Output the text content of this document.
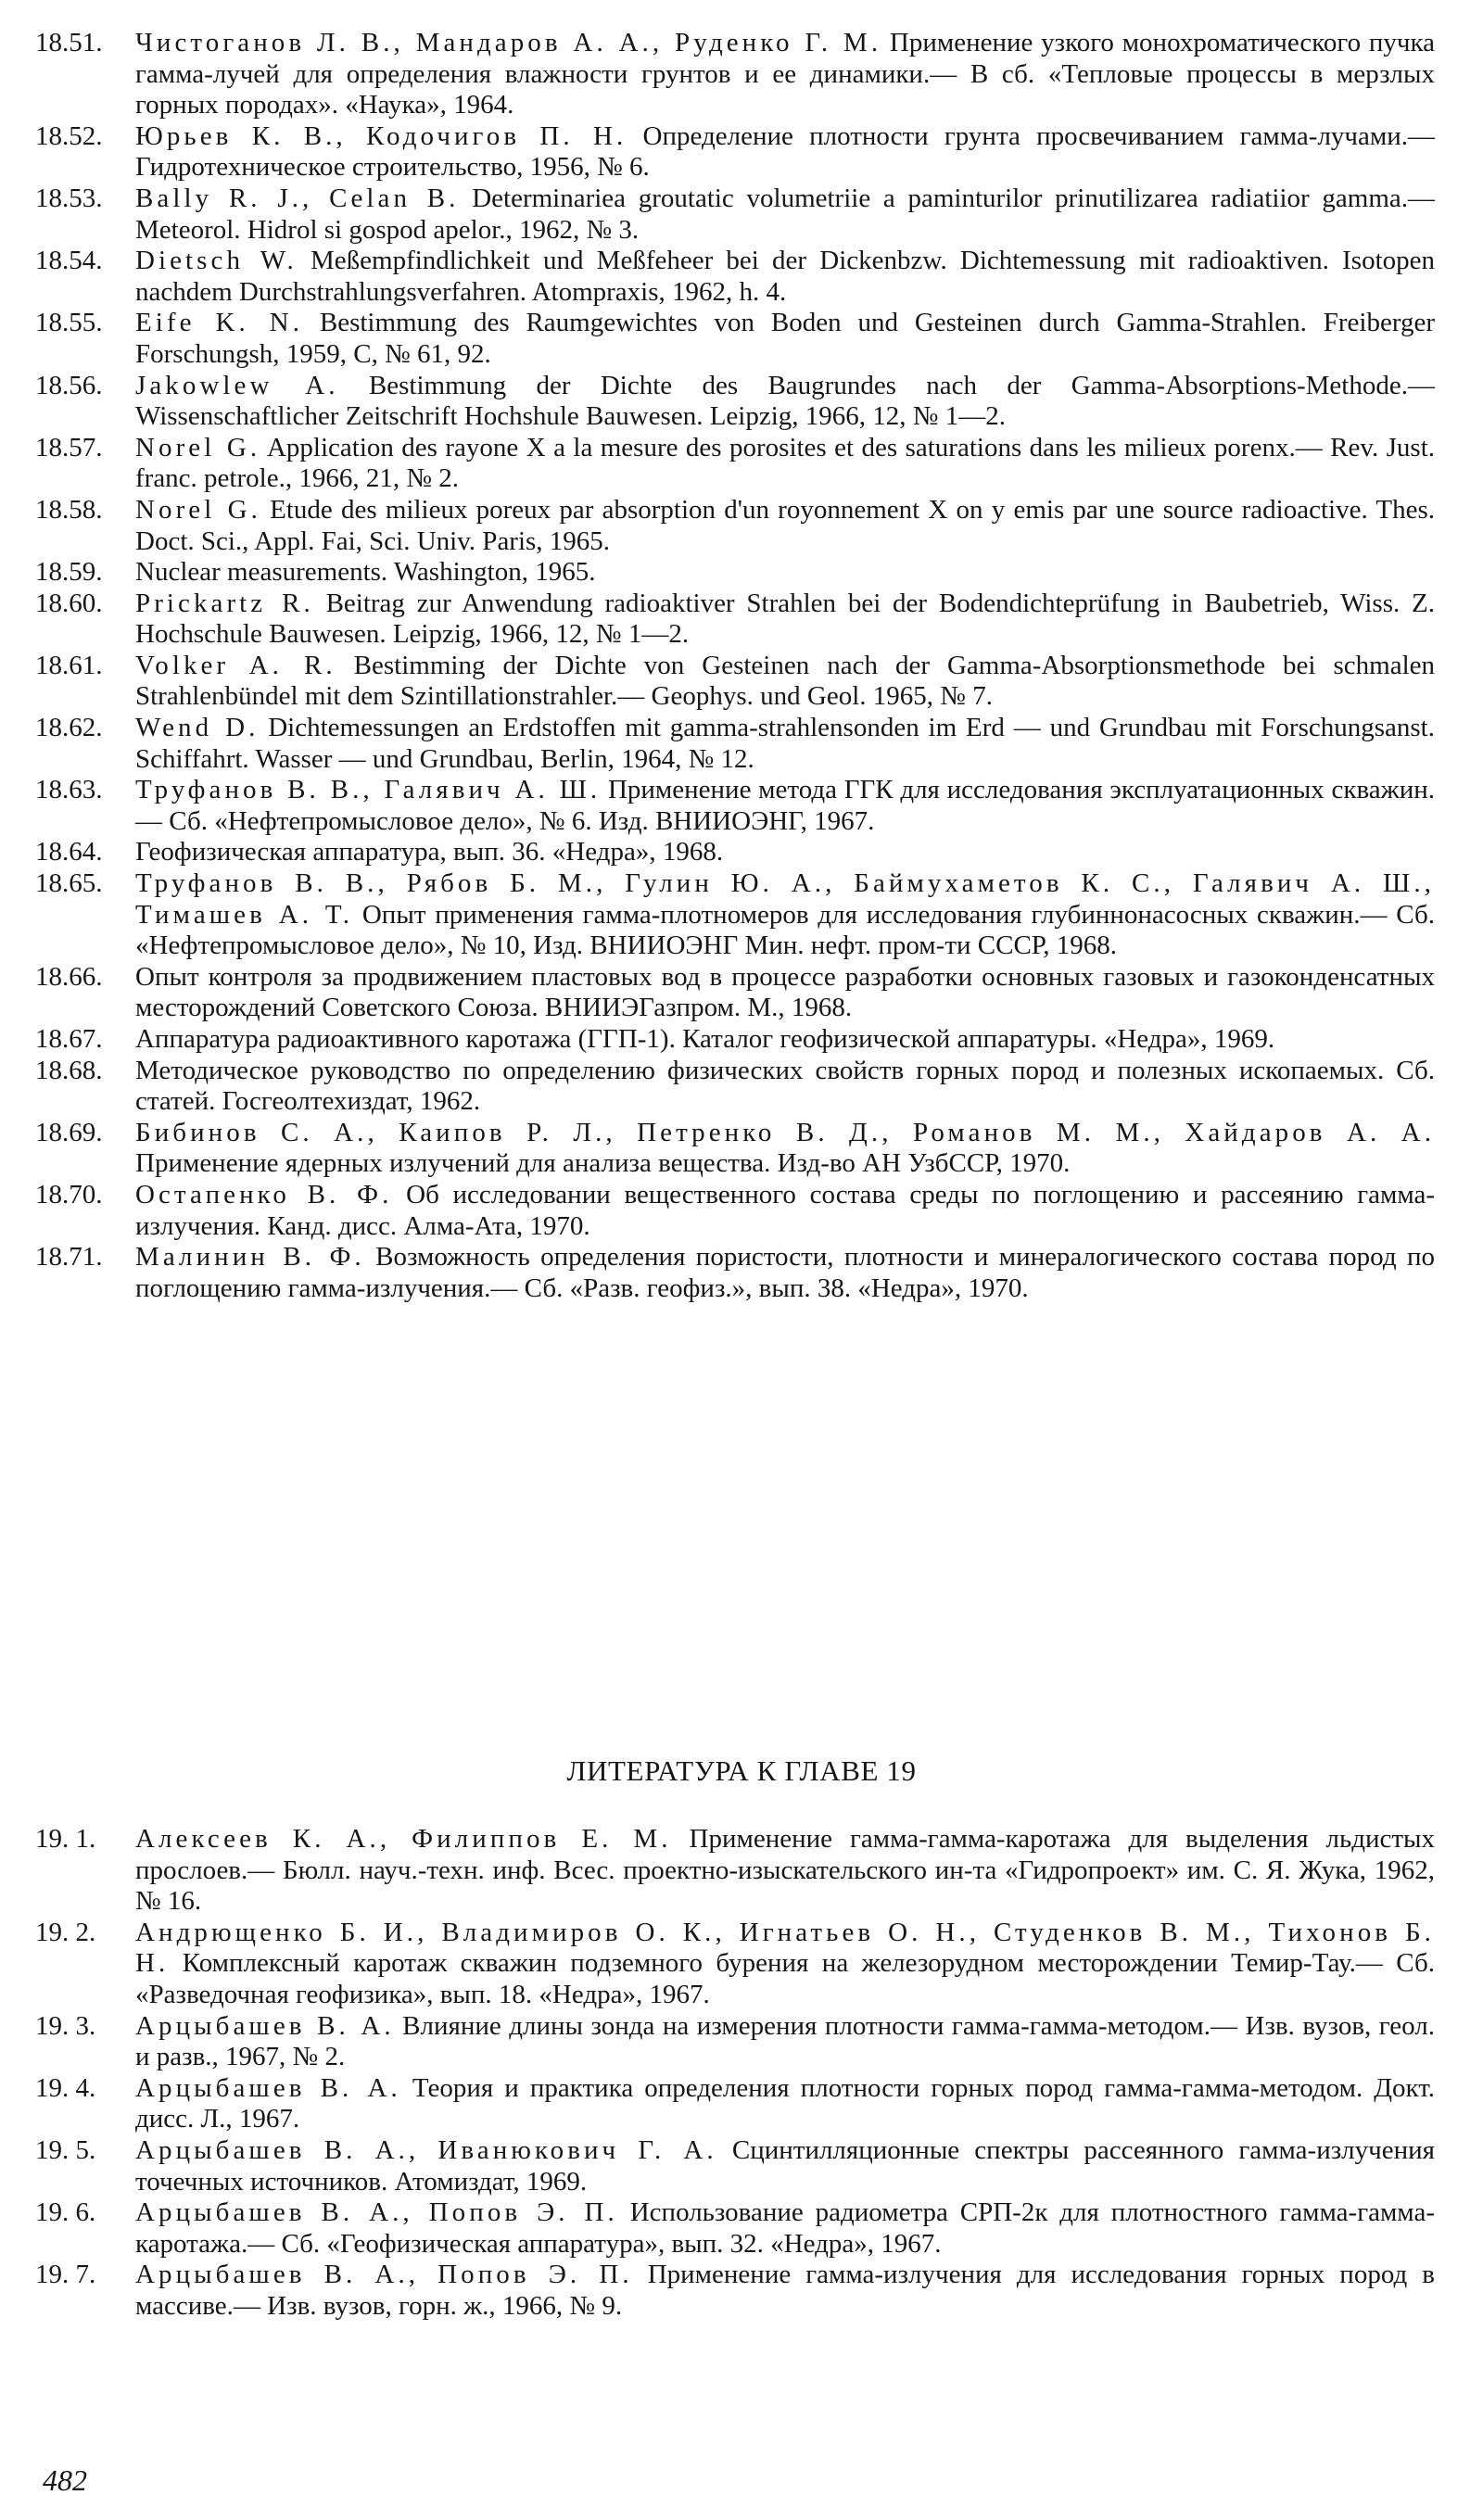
18.51.	Чистоганов Л. В., Мандаров А. А., Руденко Г. М. Применение узкого монохроматического пучка гамма-лучей для определения влажности грунтов и ее динамики.— В сб. «Тепловые процессы в мерзлых горных породах». «Наука», 1964.
18.52.	Юрьев К. В., Кодочигов П. Н. Определение плотности грунта просвечиванием гамма-лучами.— Гидротехническое строительство, 1956, № 6.
18.53.	Bally R. J., Celan B. Determinariea groutatic volumetriie a paminturilor prinutilizarea radiatiior gamma.— Meteorol. Hidrol si gospod apelor., 1962, № 3.
18.54.	Dietsch W. Meßempfindlichkeit und Meßfeheer bei der Dickenbzw. Dichtemessung mit radioaktiven. Isotopen nachdem Durchstrahlungsverfahren. Atompraxis, 1962, h. 4.
18.55.	Eife K. N. Bestimmung des Raumgewichtes von Boden und Gesteinen durch Gamma-Strahlen. Freiberger Forschungsh, 1959, C, № 61, 92.
18.56.	Jakowlew A. Bestimmung der Dichte des Baugrundes nach der Gamma-Absorptions-Methode.— Wissenschaftlicher Zeitschrift Hochshule Bauwesen. Leipzig, 1966, 12, № 1—2.
18.57.	Norel G. Application des rayone X a la mesure des porosites et des saturations dans les milieux porenx.— Rev. Just. franc. petrole., 1966, 21, № 2.
18.58.	Norel G. Etude des milieux poreux par absorption d'un royonnement X on y emis par une source radioactive. Thes. Doct. Sci., Appl. Fai, Sci. Univ. Paris, 1965.
18.59.	Nuclear measurements. Washington, 1965.
18.60.	Prickartz R. Beitrag zur Anwendung radioaktiver Strahlen bei der Bodendichteprüfung in Baubetrieb, Wiss. Z. Hochschule Bauwesen. Leipzig, 1966, 12, № 1—2.
18.61.	Volker A. R. Bestimming der Dichte von Gesteinen nach der Gamma-Absorptionsmethode bei schmalen Strahlenbündel mit dem Szintillationstrahler.— Geophys. und Geol. 1965, № 7.
18.62.	Wend D. Dichtemessungen an Erdstoffen mit gamma-strahlensonden im Erd — und Grundbau mit Forschungsanst. Schiffahrt. Wasser — und Grundbau, Berlin, 1964, № 12.
18.63.	Труфанов В. В., Галявич А. Ш. Применение метода ГГК для исследования эксплуатационных скважин.— Сб. «Нефтепромысловое дело», № 6. Изд. ВНИИОЭНГ, 1967.
18.64.	Геофизическая аппаратура, вып. 36. «Недра», 1968.
18.65.	Труфанов В. В., Рябов Б. М., Гулин Ю. А., Баймухаметов К. С., Галявич А. Ш., Тимашев А. Т. Опыт применения гамма-плотномеров для исследования глубиннонасосных скважин.— Сб. «Нефтепромысловое дело», № 10, Изд. ВНИИОЭНГ Мин. нефт. пром-ти СССР, 1968.
18.66.	Опыт контроля за продвижением пластовых вод в процессе разработки основных газовых и газоконденсатных месторождений Советского Союза. ВНИИЭГазпром. М., 1968.
18.67.	Аппаратура радиоактивного каротажа (ГГП-1). Каталог геофизической аппаратуры. «Недра», 1969.
18.68.	Методическое руководство по определению физических свойств горных пород и полезных ископаемых. Сб. статей. Госгеолтехиздат, 1962.
18.69.	Бибинов С. А., Каипов Р. Л., Петренко В. Д., Романов М. М., Хайдаров А. А. Применение ядерных излучений для анализа вещества. Изд-во АН УзбССР, 1970.
18.70.	Остапенко В. Ф. Об исследовании вещественного состава среды по поглощению и рассеянию гамма-излучения. Канд. дисс. Алма-Ата, 1970.
18.71.	Малинин В. Ф. Возможность определения пористости, плотности и минералогического состава пород по поглощению гамма-излучения.— Сб. «Разв. геофиз.», вып. 38. «Недра», 1970.
ЛИТЕРАТУРА К ГЛАВЕ 19
19. 1.	Алексеев К. А., Филиппов Е. М. Применение гамма-гамма-каротажа для выделения льдистых прослоев.— Бюлл. науч.-техн. инф. Всес. проектно-изыскательского ин-та «Гидропроект» им. С. Я. Жука, 1962, № 16.
19. 2.	Андрющенко Б. И., Владимиров О. К., Игнатьев О. Н., Студенков В. М., Тихонов Б. Н. Комплексный каротаж скважин подземного бурения на железорудном месторождении Темир-Тау.— Сб. «Разведочная геофизика», вып. 18. «Недра», 1967.
19. 3.	Арцыбашев В. А. Влияние длины зонда на измерения плотности гамма-гамма-методом.— Изв. вузов, геол. и разв., 1967, № 2.
19. 4.	Арцыбашев В. А. Теория и практика определения плотности горных пород гамма-гамма-методом. Докт. дисс. Л., 1967.
19. 5.	Арцыбашев В. А., Иванюкович Г. А. Сцинтилляционные спектры рассеянного гамма-излучения точечных источников. Атомиздат, 1969.
19. 6.	Арцыбашев В. А., Попов Э. П. Использование радиометра СРП-2к для плотностного гамма-гамма-каротажа.— Сб. «Геофизическая аппаратура», вып. 32. «Недра», 1967.
19. 7.	Арцыбашев В. А., Попов Э. П. Применение гамма-излучения для исследования горных пород в массиве.— Изв. вузов, горн. ж., 1966, № 9.
482
